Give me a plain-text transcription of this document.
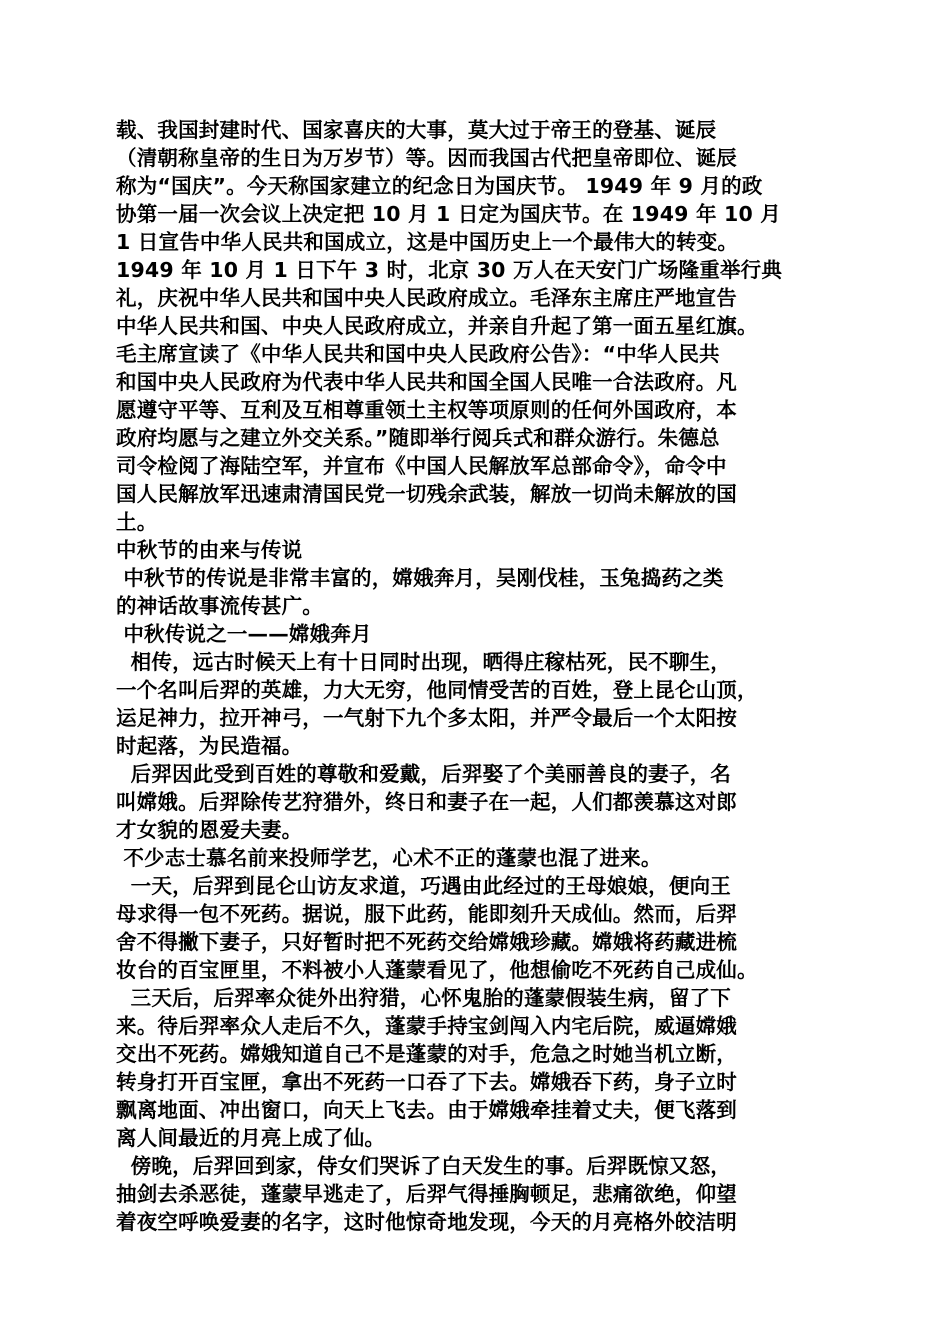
载、我国封建时代、国家喜庆的大事，莫大过于帝王的登基、诞辰
（清朝称皇帝的生日为万岁节）等。因而我国古代把皇帝即位、诞辰
称为“国庆”。今天称国家建立的纪念日为国庆节。 1949 年 9 月的政
协第一届一次会议上决定把 10 月 1 日定为国庆节。在 1949 年 10 月
1 日宣告中华人民共和国成立，这是中国历史上一个最伟大的转变。
1949 年 10 月 1 日下午 3 时，北京 30 万人在天安门广场隆重举行典
礼，庆祝中华人民共和国中央人民政府成立。毛泽东主席庄严地宣告
中华人民共和国、中央人民政府成立，并亲自升起了第一面五星红旗。
毛主席宣读了《中华人民共和国中央人民政府公告》：“中华人民共
和国中央人民政府为代表中华人民共和国全国人民唯一合法政府。凡
愿遵守平等、互利及互相尊重领土主权等项原则的任何外国政府，本
政府均愿与之建立外交关系。”随即举行阅兵式和群众游行。朱德总
司令检阅了海陆空军，并宣布《中国人民解放军总部命令》，命令中
国人民解放军迅速肃清国民党一切残余武装，解放一切尚未解放的国
土。
中秋节的由来与传说
中秋节的传说是非常丰富的，嫦娥奔月，吴刚伐桂，玉兔捣药之类
的神话故事流传甚广。
中秋传说之一——嫦娥奔月
相传，远古时候天上有十日同时出现，晒得庄稼枯死，民不聊生，
一个名叫后羿的英雄，力大无穷，他同情受苦的百姓，登上昆仑山顶，
运足神力，拉开神弓，一气射下九个多太阳，并严令最后一个太阳按
时起落，为民造福。
后羿因此受到百姓的尊敬和爱戴，后羿娶了个美丽善良的妻子，名
叫嫦娥。后羿除传艺狩猎外，终日和妻子在一起，人们都羡慕这对郎
才女貌的恩爱夫妻。
不少志士慕名前来投师学艺，心术不正的蓬蒙也混了进来。
一天，后羿到昆仑山访友求道，巧遇由此经过的王母娘娘，便向王
母求得一包不死药。据说，服下此药，能即刻升天成仙。然而，后羿
舍不得撇下妻子，只好暂时把不死药交给嫦娥珍藏。嫦娥将药藏进梳
妆台的百宝匣里，不料被小人蓬蒙看见了，他想偷吃不死药自己成仙。
三天后，后羿率众徒外出狩猎，心怀鬼胎的蓬蒙假装生病，留了下
来。待后羿率众人走后不久，蓬蒙手持宝剑闯入内宅后院，威逼嫦娥
交出不死药。嫦娥知道自己不是蓬蒙的对手，危急之时她当机立断，
转身打开百宝匣，拿出不死药一口吞了下去。嫦娥吞下药，身子立时
飘离地面、冲出窗口，向天上飞去。由于嫦娥牵挂着丈夫，便飞落到
离人间最近的月亮上成了仙。
傍晚，后羿回到家，侍女们哭诉了白天发生的事。后羿既惊又怒，
抽剑去杀恶徒，蓬蒙早逃走了，后羿气得捶胸顿足，悲痛欲绝，仰望
着夜空呼唤爱妻的名字，这时他惊奇地发现，今天的月亮格外皎洁明
